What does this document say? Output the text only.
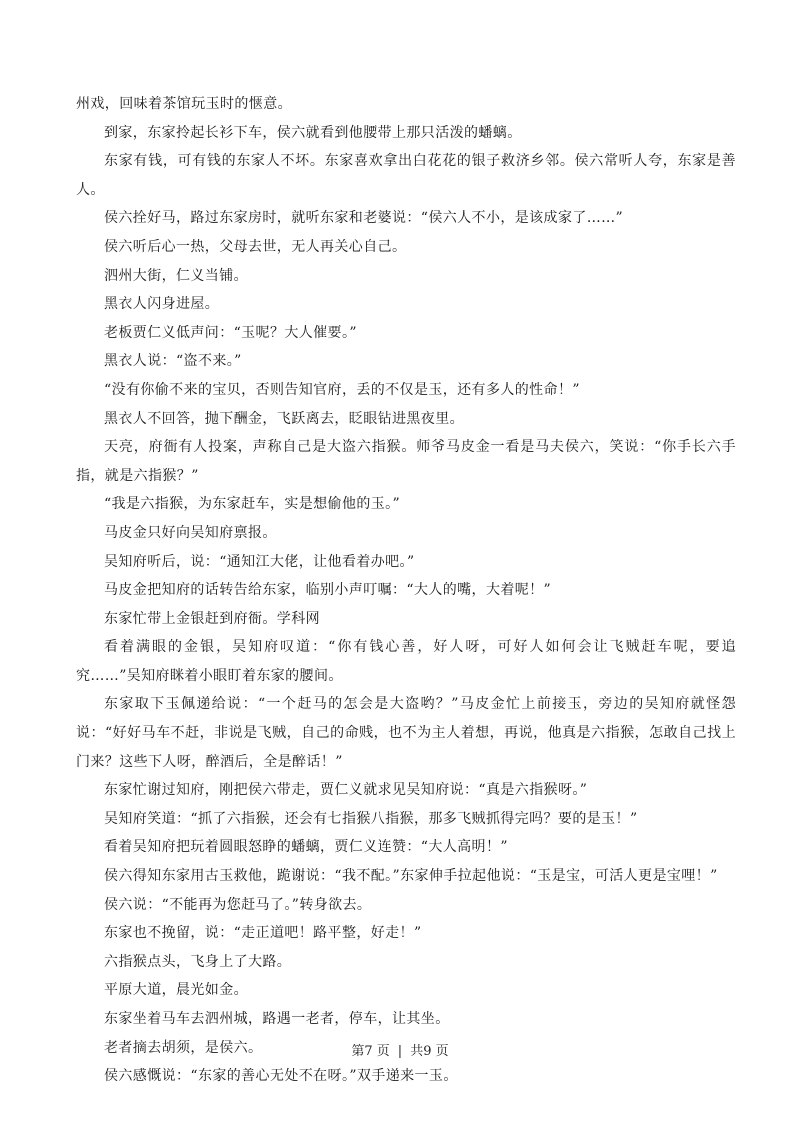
州戏，回味着茶馆玩玉时的惬意。

到家，东家拎起长衫下车，侯六就看到他腰带上那只活泼的蟠螭。

东家有钱，可有钱的东家人不坏。东家喜欢拿出白花花的银子救济乡邻。侯六常听人夸，东家是善人。

侯六拴好马，路过东家房时，就听东家和老婆说：“侯六人不小，是该成家了……”

侯六听后心一热，父母去世，无人再关心自己。

泗州大街，仁义当铺。

黑衣人闪身进屋。

老板贾仁义低声问：“玉呢？大人催要。”

黑衣人说：“盗不来。”

“没有你偷不来的宝贝，否则告知官府，丢的不仅是玉，还有多人的性命！”

黑衣人不回答，抛下酬金，飞跃离去，眨眼钻进黑夜里。

天亮，府衙有人投案，声称自己是大盗六指猴。师爷马皮金一看是马夫侯六，笑说：“你手长六手指，就是六指猴？”

“我是六指猴，为东家赶车，实是想偷他的玉。”

马皮金只好向吴知府禀报。

吴知府听后，说：“通知江大佬，让他看着办吧。”

马皮金把知府的话转告给东家，临别小声叮嘱：“大人的嘴，大着呢！”

东家忙带上金银赶到府衙。学科网

看着满眼的金银，吴知府叹道：“你有钱心善，好人呀，可好人如何会让飞贼赶车呢，要追究……”吴知府眯着小眼盯着东家的腰间。

东家取下玉佩递给说：“一个赶马的怎会是大盗哟？”马皮金忙上前接玉，旁边的吴知府就怪怨说：“好好马车不赶，非说是飞贼，自己的命贱，也不为主人着想，再说，他真是六指猴，怎敢自己找上门来？这些下人呀，醉酒后，全是醉话！”

东家忙谢过知府，刚把侯六带走，贾仁义就求见吴知府说：“真是六指猴呀。”

吴知府笑道：“抓了六指猴，还会有七指猴八指猴，那多飞贼抓得完吗？要的是玉！”

看着吴知府把玩着圆眼怒睁的蟠螭，贾仁义连赞：“大人高明！”

侯六得知东家用古玉救他，跪谢说：“我不配。”东家伸手拉起他说：“玉是宝，可活人更是宝哩！”

侯六说：“不能再为您赶马了。”转身欲去。

东家也不挽留，说：“走正道吧！路平整，好走！”

六指猴点头，飞身上了大路。

平原大道，晨光如金。

东家坐着马车去泗州城，路遇一老者，停车，让其坐。

老者摘去胡须，是侯六。

侯六感慨说：“东家的善心无处不在呀。”双手递来一玉。

第7 页 | 共9 页
